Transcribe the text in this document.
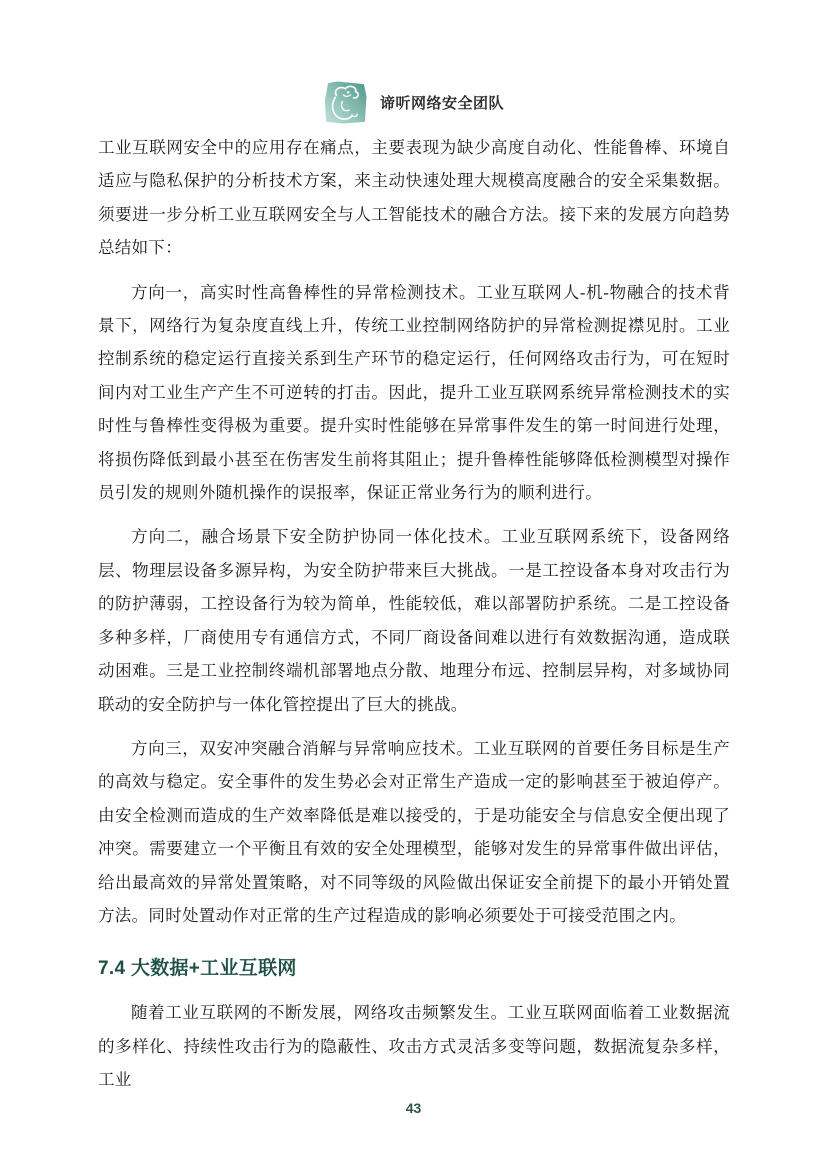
谛听网络安全团队

工业互联网安全中的应用存在痛点，主要表现为缺少高度自动化、性能鲁棒、环境自适应与隐私保护的分析技术方案，来主动快速处理大规模高度融合的安全采集数据。须要进一步分析工业互联网安全与人工智能技术的融合方法。接下来的发展方向趋势总结如下：

方向一，高实时性高鲁棒性的异常检测技术。工业互联网人-机-物融合的技术背景下，网络行为复杂度直线上升，传统工业控制网络防护的异常检测捉襟见肘。工业控制系统的稳定运行直接关系到生产环节的稳定运行，任何网络攻击行为，可在短时间内对工业生产产生不可逆转的打击。因此，提升工业互联网系统异常检测技术的实时性与鲁棒性变得极为重要。提升实时性能够在异常事件发生的第一时间进行处理，将损伤降低到最小甚至在伤害发生前将其阻止；提升鲁棒性能够降低检测模型对操作员引发的规则外随机操作的误报率，保证正常业务行为的顺利进行。

方向二，融合场景下安全防护协同一体化技术。工业互联网系统下，设备网络层、物理层设备多源异构，为安全防护带来巨大挑战。一是工控设备本身对攻击行为的防护薄弱，工控设备行为较为简单，性能较低，难以部署防护系统。二是工控设备多种多样，厂商使用专有通信方式，不同厂商设备间难以进行有效数据沟通，造成联动困难。三是工业控制终端机部署地点分散、地理分布远、控制层异构，对多域协同联动的安全防护与一体化管控提出了巨大的挑战。

方向三，双安冲突融合消解与异常响应技术。工业互联网的首要任务目标是生产的高效与稳定。安全事件的发生势必会对正常生产造成一定的影响甚至于被迫停产。由安全检测而造成的生产效率降低是难以接受的，于是功能安全与信息安全便出现了冲突。需要建立一个平衡且有效的安全处理模型，能够对发生的异常事件做出评估，给出最高效的异常处置策略，对不同等级的风险做出保证安全前提下的最小开销处置方法。同时处置动作对正常的生产过程造成的影响必须要处于可接受范围之内。

7.4 大数据+工业互联网

随着工业互联网的不断发展，网络攻击频繁发生。工业互联网面临着工业数据流的多样化、持续性攻击行为的隐蔽性、攻击方式灵活多变等问题，数据流复杂多样，工业

43
